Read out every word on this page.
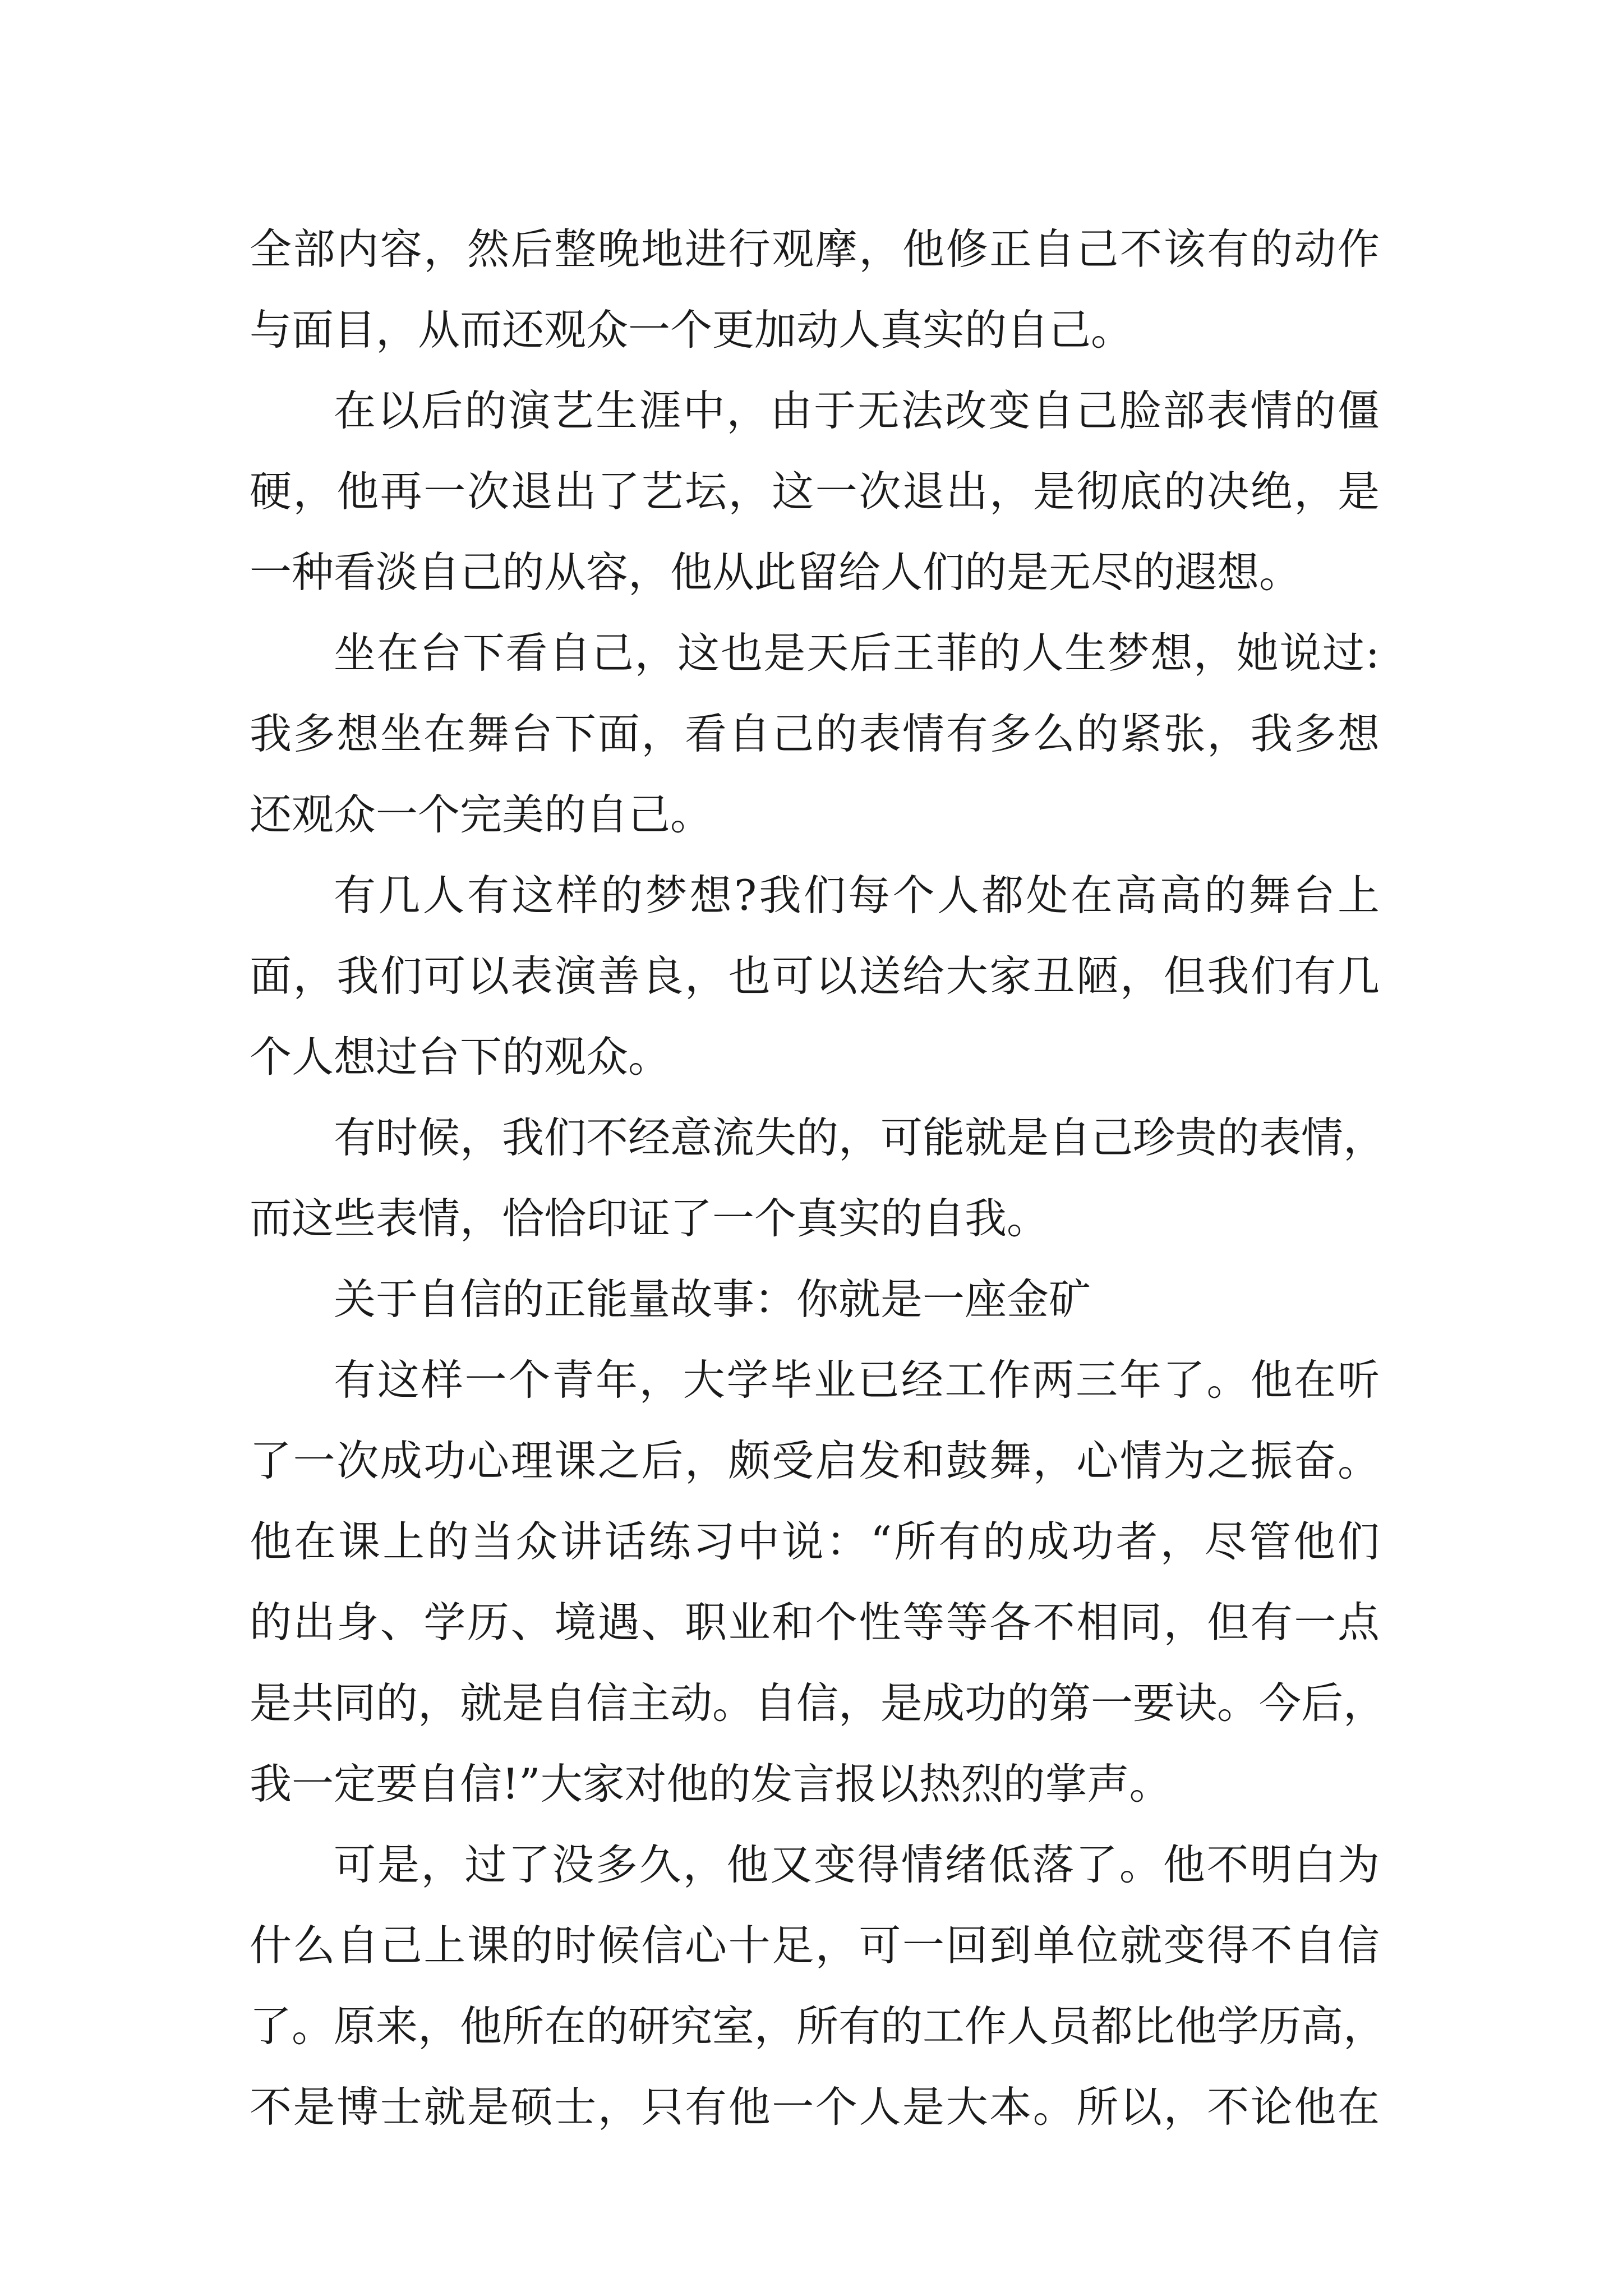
全部内容，然后整晚地进行观摩，他修正自己不该有的动作
与面目，从而还观众一个更加动人真实的自己。
在以后的演艺生涯中，由于无法改变自己脸部表情的僵
硬，他再一次退出了艺坛，这一次退出，是彻底的决绝，是
一种看淡自己的从容，他从此留给人们的是无尽的遐想。
坐在台下看自己，这也是天后王菲的人生梦想，她说过:
我多想坐在舞台下面，看自己的表情有多么的紧张，我多想
还观众一个完美的自己。
有几人有这样的梦想?我们每个人都处在高高的舞台上
面，我们可以表演善良，也可以送给大家丑陋，但我们有几
个人想过台下的观众。
有时候，我们不经意流失的，可能就是自己珍贵的表情，
而这些表情，恰恰印证了一个真实的自我。
关于自信的正能量故事：你就是一座金矿
有这样一个青年，大学毕业已经工作两三年了。他在听
了一次成功心理课之后，颇受启发和鼓舞，心情为之振奋。
他在课上的当众讲话练习中说：“所有的成功者，尽管他们
的出身、学历、境遇、职业和个性等等各不相同，但有一点
是共同的，就是自信主动。自信，是成功的第一要诀。今后，
我一定要自信!”大家对他的发言报以热烈的掌声。
可是，过了没多久，他又变得情绪低落了。他不明白为
什么自己上课的时候信心十足，可一回到单位就变得不自信
了。原来，他所在的研究室，所有的工作人员都比他学历高，
不是博士就是硕士，只有他一个人是大本。所以，不论他在
